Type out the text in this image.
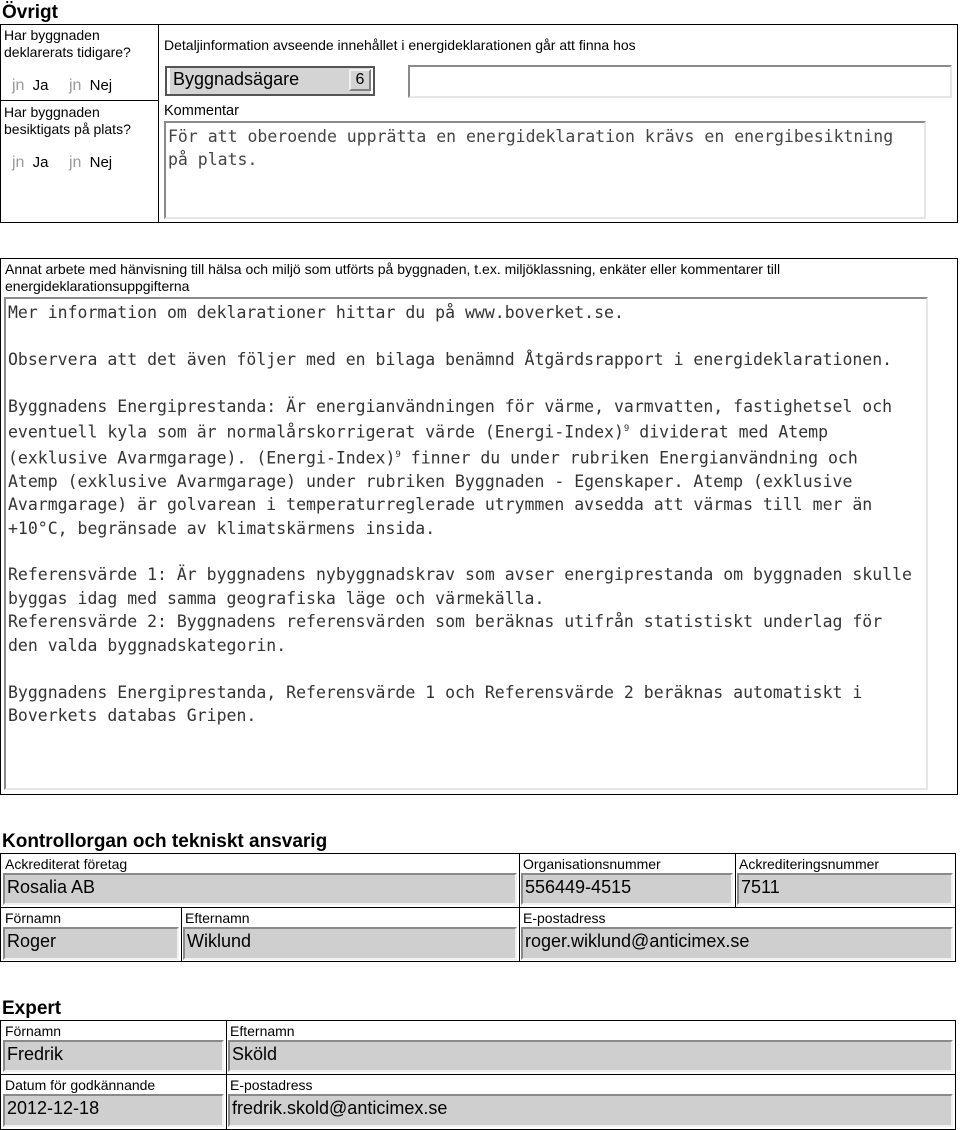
Övrigt
Har byggnaden
deklarerats tidigare?
jn Ja jn Nej
Har byggnaden
besiktigats på plats?
jn Ja jn Nej
Detaljinformation avseende innehållet i energideklarationen går att finna hos
Byggnadsägare	6
Kommentar
För att oberoende upprätta en energideklaration krävs en energibesiktning på plats.
Annat arbete med hänvisning till hälsa och miljö som utförts på byggnaden, t.ex. miljöklassning, enkäter eller kommentarer till
energideklarationsuppgifterna
Mer information om deklarationer hittar du på www.boverket.se.

Observera att det även följer med en bilaga benämnd Åtgärdsrapport i energideklarationen.

Byggnadens Energiprestanda: Är energianvändningen för värme, varmvatten, fastighetsel och eventuell kyla som är normalårskorrigerat värde (Energi-Index)$^9$ dividerat med Atemp (exklusive Avarmgarage). (Energi-Index)$^9$ finner du under rubriken Energianvändning och Atemp (exklusive Avarmgarage) under rubriken Byggnaden - Egenskaper. Atemp (exklusive Avarmgarage) är golvarean i temperaturreglerade utrymmen avsedda att värmas till mer än +10°C, begränsade av klimatskärmens insida.

Referensvärde 1: Är byggnadens nybyggnadskrav som avser energiprestanda om byggnaden skulle byggas idag med samma geografiska läge och värmekälla.
Referensvärde 2: Byggnadens referensvärden som beräknas utifrån statistiskt underlag för den valda byggnadskategorin.

Byggnadens Energiprestanda, Referensvärde 1 och Referensvärde 2 beräknas automatiskt i Boverkets databas Gripen.
Kontrollorgan och tekniskt ansvarig
Ackrediterat företag
Rosalia AB
Organisationsnummer
556449-4515
Ackrediteringsnummer
7511
Förnamn
Roger
Efternamn
Wiklund
E-postadress
roger.wiklund@anticimex.se
Expert
Förnamn
Fredrik
Efternamn
Sköld
Datum för godkännande
2012-12-18
E-postadress
fredrik.skold@anticimex.se
